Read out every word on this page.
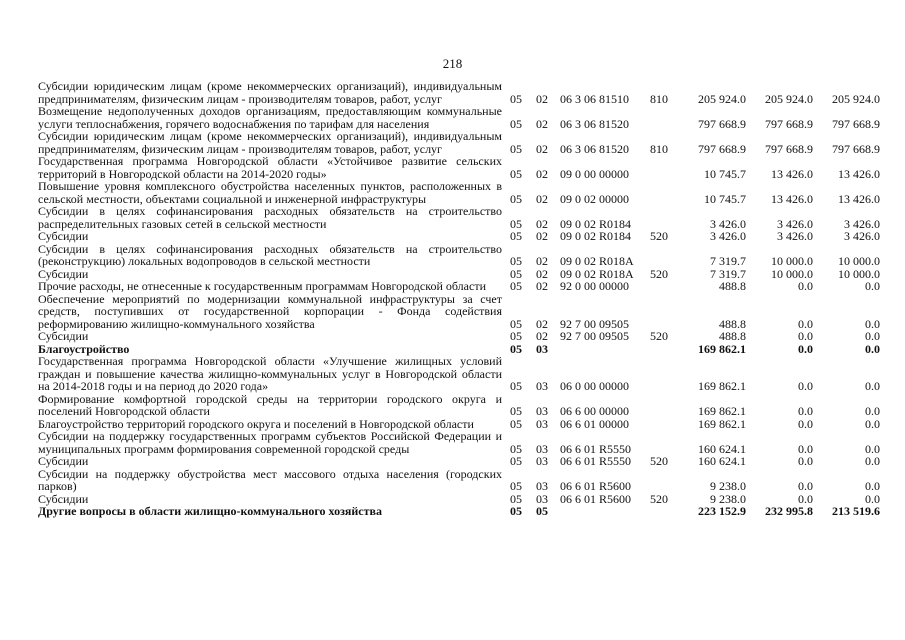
218
Субсидии юридическим лицам (кроме некоммерческих организаций), индивидуальным предпринимателям, физическим лицам - производителям товаров, работ, услуг	05	02	06 3 06 81510	810	205 924.0	205 924.0	205 924.0
Возмещение недополученных доходов организациям, предоставляющим коммунальные услуги теплоснабжения, горячего водоснабжения по тарифам для населения	05	02	06 3 06 81520		797 668.9	797 668.9	797 668.9
Субсидии юридическим лицам (кроме некоммерческих организаций), индивидуальным предпринимателям, физическим лицам - производителям товаров, работ, услуг	05	02	06 3 06 81520	810	797 668.9	797 668.9	797 668.9
Государственная программа Новгородской области «Устойчивое развитие сельских территорий в Новгородской области на 2014-2020 годы»	05	02	09 0 00 00000		10 745.7	13 426.0	13 426.0
Повышение уровня комплексного обустройства населенных пунктов, расположенных в сельской местности, объектами социальной и инженерной инфраструктуры	05	02	09 0 02 00000		10 745.7	13 426.0	13 426.0
Субсидии в целях софинансирования расходных обязательств на строительство распределительных газовых сетей в сельской местности	05	02	09 0 02 R0184		3 426.0	3 426.0	3 426.0
Субсидии	05	02	09 0 02 R0184	520	3 426.0	3 426.0	3 426.0
Субсидии в целях софинансирования расходных обязательств на строительство (реконструкцию) локальных водопроводов в сельской местности	05	02	09 0 02 R018A		7 319.7	10 000.0	10 000.0
Субсидии	05	02	09 0 02 R018A	520	7 319.7	10 000.0	10 000.0
Прочие расходы, не отнесенные к государственным программам Новгородской области	05	02	92 0 00 00000		488.8	0.0	0.0
Обеспечение мероприятий по модернизации коммунальной инфраструктуры за счет средств, поступивших от государственной корпорации - Фонда содействия реформированию жилищно-коммунального хозяйства	05	02	92 7 00 09505		488.8	0.0	0.0
Субсидии	05	02	92 7 00 09505	520	488.8	0.0	0.0
Благоустройство	05	03			169 862.1	0.0	0.0
Государственная программа Новгородской области «Улучшение жилищных условий граждан и повышение качества жилищно-коммунальных услуг в Новгородской области на 2014-2018 годы и на период до 2020 года»	05	03	06 0 00 00000		169 862.1	0.0	0.0
Формирование комфортной городской среды на территории городского округа и поселений Новгородской области	05	03	06 6 00 00000		169 862.1	0.0	0.0
Благоустройство территорий городского округа и поселений в Новгородской области	05	03	06 6 01 00000		169 862.1	0.0	0.0
Субсидии на поддержку государственных программ субъектов Российской Федерации и муниципальных программ формирования современной городской среды	05	03	06 6 01 R5550		160 624.1	0.0	0.0
Субсидии	05	03	06 6 01 R5550	520	160 624.1	0.0	0.0
Субсидии на поддержку обустройства мест массового отдыха населения (городских парков)	05	03	06 6 01 R5600		9 238.0	0.0	0.0
Субсидии	05	03	06 6 01 R5600	520	9 238.0	0.0	0.0
Другие вопросы в области жилищно-коммунального хозяйства	05	05			223 152.9	232 995.8	213 519.6
